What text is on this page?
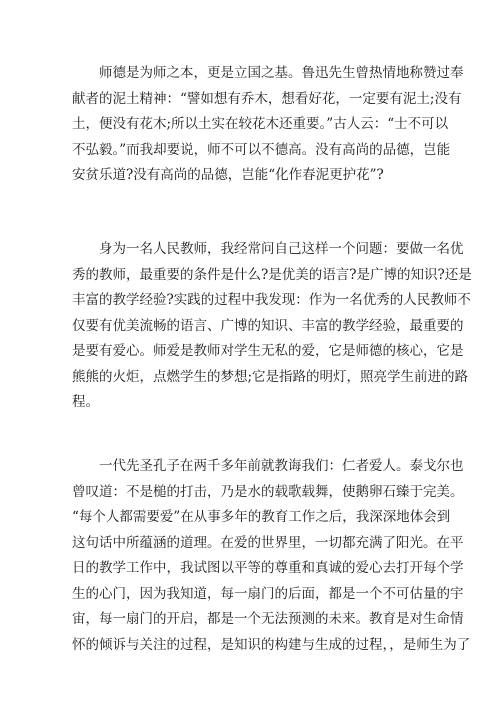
　　师德是为师之本，更是立国之基。鲁迅先生曾热情地称赞过奉
献者的泥土精神：“譬如想有乔木，想看好花，一定要有泥土;没有
土，便没有花木;所以土实在较花木还重要。”古人云：“士不可以
不弘毅。”而我却要说，师不可以不德高。没有高尚的品德，岂能
安贫乐道?没有高尚的品德，岂能“化作春泥更护花”?
　　身为一名人民教师，我经常问自己这样一个问题：要做一名优
秀的教师，最重要的条件是什么?是优美的语言?是广博的知识?还是
丰富的教学经验?实践的过程中我发现：作为一名优秀的人民教师不
仅要有优美流畅的语言、广博的知识、丰富的教学经验，最重要的
是要有爱心。师爱是教师对学生无私的爱，它是师德的核心，它是
熊熊的火炬，点燃学生的梦想;它是指路的明灯，照亮学生前进的路
程。
　　一代先圣孔子在两千多年前就教诲我们：仁者爱人。泰戈尔也
曾叹道：不是槌的打击，乃是水的载歌载舞，使鹅卵石臻于完美。
“每个人都需要爱”在从事多年的教育工作之后，我深深地体会到
这句话中所蕴涵的道理。在爱的世界里，一切都充满了阳光。在平
日的教学工作中，我试图以平等的尊重和真诚的爱心去打开每个学
生的心门，因为我知道，每一扇门的后面，都是一个不可估量的宇
宙，每一扇门的开启，都是一个无法预测的未来。教育是对生命情
怀的倾诉与关注的过程，是知识的构建与生成的过程，，是师生为了
